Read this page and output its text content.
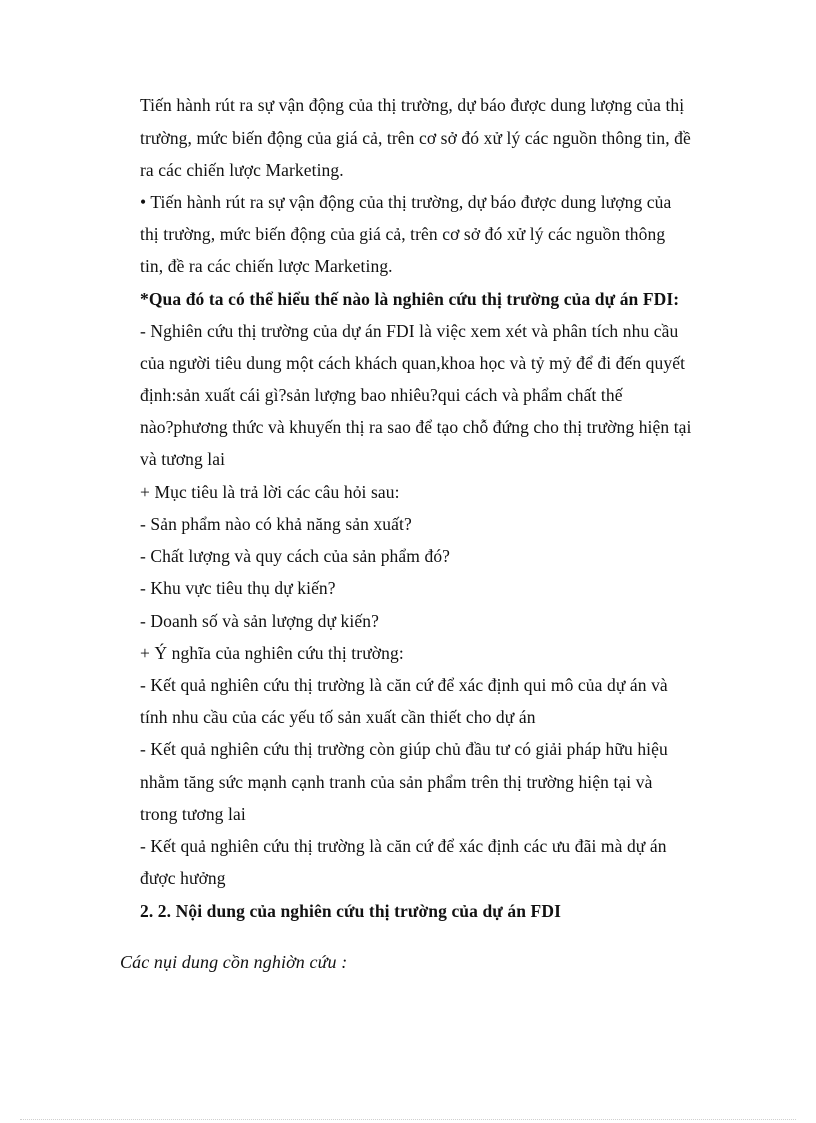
Tiến hành rút ra sự vận động của thị trường, dự báo được dung lượng của thị
trường, mức biến động của giá cả, trên cơ sở đó xử lý các nguồn thông tin, đề
ra các chiến lược Marketing.
• Tiến hành rút ra sự vận động của thị trường, dự báo được dung lượng của
thị trường, mức biến động của giá cả, trên cơ sở đó xử lý các nguồn thông
tin, đề ra các chiến lược Marketing.
*Qua đó ta có thể hiểu thế nào là nghiên cứu thị trường của dự án FDI:
- Nghiên cứu thị trường của dự án FDI là việc xem xét và phân tích nhu cầu
của người tiêu dung một cách khách quan,khoa học và tỷ mỷ để đi đến quyết
định:sản xuất cái gì?sản lượng bao nhiêu?qui cách và phẩm chất thế
nào?phương thức và khuyến thị ra sao để tạo chỗ đứng cho thị trường hiện tại
và tương lai
+ Mục tiêu là trả lời các câu hỏi sau:
- Sản phẩm nào có khả năng sản xuất?
- Chất lượng và quy cách của sản phẩm đó?
- Khu vực tiêu thụ dự kiến?
- Doanh số và sản lượng dự kiến?
+ Ý nghĩa của nghiên cứu thị trường:
- Kết quả nghiên cứu thị trường là căn cứ để xác định qui mô của dự án và
tính nhu cầu của các yếu tố sản xuất cần thiết cho dự án
- Kết quả nghiên cứu thị trường còn giúp chủ đầu tư có giải pháp hữu hiệu
nhằm tăng sức mạnh cạnh tranh của sản phẩm trên thị trường hiện tại và
trong tương lai
- Kết quả nghiên cứu thị trường là căn cứ để xác định các ưu đãi mà dự án
được hưởng
2. 2. Nội dung của nghiên cứu thị trường của dự án FDI
Các nụi dung cồn nghiờn cứu :
